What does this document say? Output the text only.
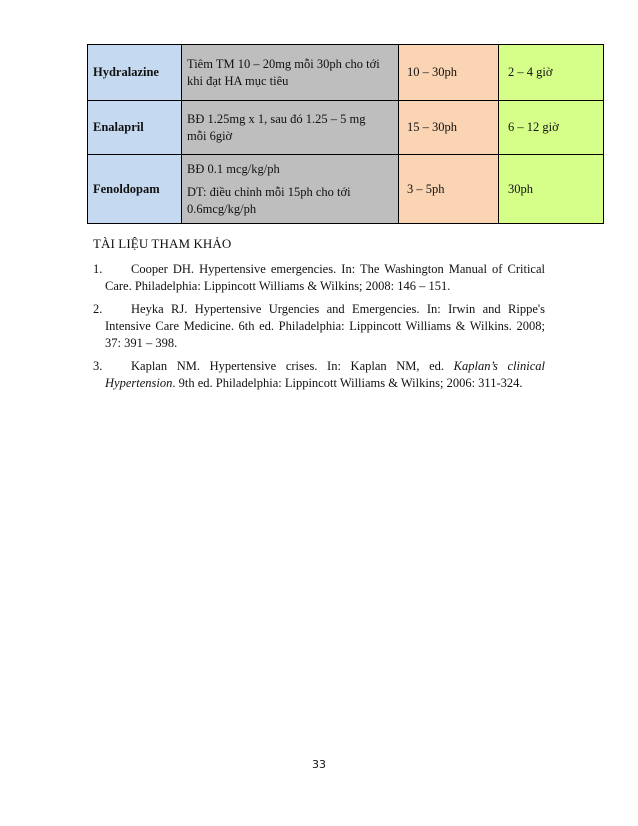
Hydralazine	Tiêm TM 10 – 20mg mỗi 30ph cho tới
khi đạt HA mục tiêu	10 – 30ph	2 – 4 giờ
Enalapril	BĐ 1.25mg x 1, sau đó 1.25 – 5 mg
mỗi 6giờ	15 – 30ph	6 – 12 giờ
Fenoldopam	BĐ 0.1 mcg/kg/ph
DT: điều chỉnh mỗi 15ph cho tới
0.6mcg/kg/ph	3 – 5ph	30ph
TÀI LIỆU THAM KHẢO
1.	Cooper DH. Hypertensive emergencies. In: The Washington Manual of Critical Care. Philadelphia: Lippincott Williams & Wilkins; 2008: 146 – 151.
2.	Heyka RJ. Hypertensive Urgencies and Emergencies. In: Irwin and Rippe's Intensive Care Medicine. 6th ed. Philadelphia: Lippincott Williams & Wilkins. 2008; 37: 391 – 398.
3.	Kaplan NM. Hypertensive crises. In: Kaplan NM, ed. Kaplan’s clinical Hypertension. 9th ed. Philadelphia: Lippincott Williams & Wilkins; 2006: 311-324.
33
